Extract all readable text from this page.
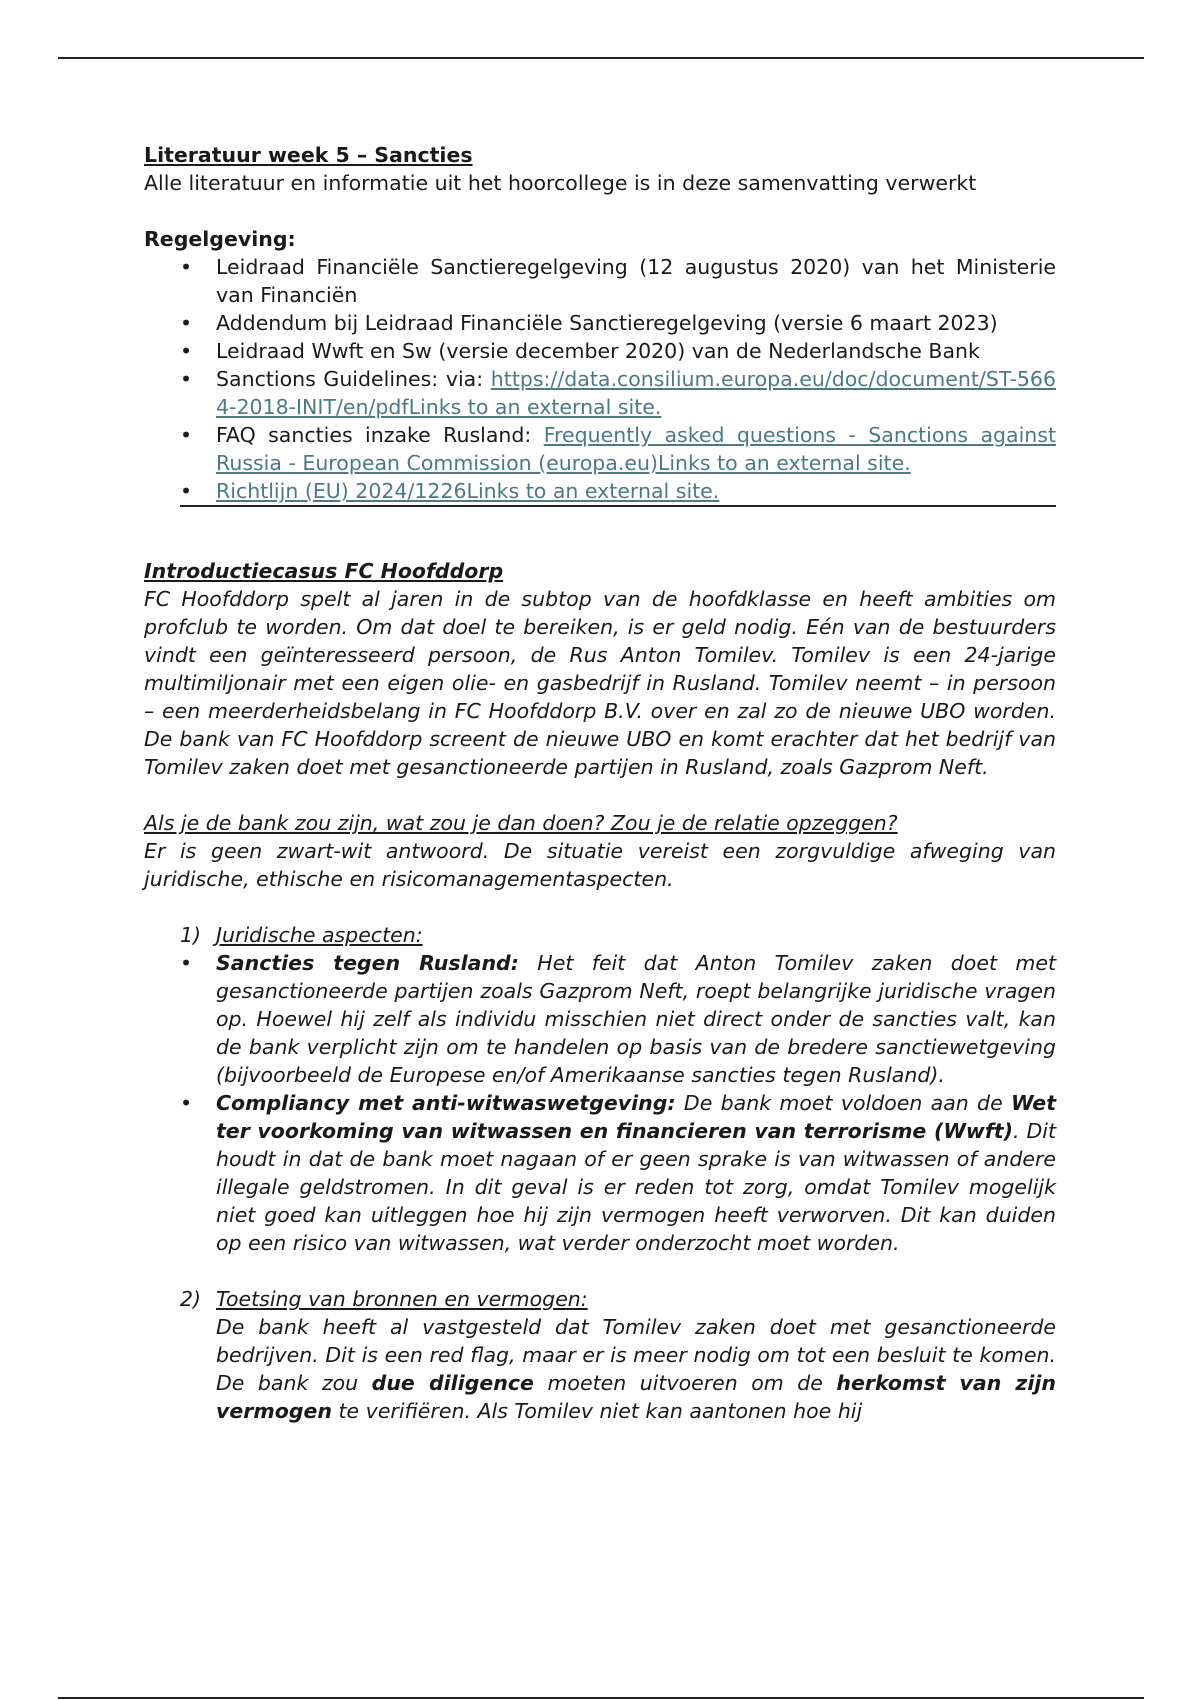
Literatuur week 5 – Sancties

Alle literatuur en informatie uit het hoorcollege is in deze samenvatting verwerkt

Regelgeving:

• Leidraad Financiële Sanctieregelgeving (12 augustus 2020) van het Ministerie van Financiën
• Addendum bij Leidraad Financiële Sanctieregelgeving (versie 6 maart 2023)
• Leidraad Wwft en Sw (versie december 2020) van de Nederlandsche Bank
• Sanctions Guidelines: via: https://data.consilium.europa.eu/doc/document/ST-5664-2018-INIT/en/pdfLinks to an external site.
• FAQ sancties inzake Rusland: Frequently asked questions - Sanctions against Russia - European Commission (europa.eu)Links to an external site.
• Richtlijn (EU) 2024/1226Links to an external site.

Introductiecasus FC Hoofddorp

FC Hoofddorp spelt al jaren in de subtop van de hoofdklasse en heeft ambities om profclub te worden. Om dat doel te bereiken, is er geld nodig. Eén van de bestuurders vindt een geïnteresseerd persoon, de Rus Anton Tomilev. Tomilev is een 24-jarige multimiljonair met een eigen olie- en gasbedrijf in Rusland. Tomilev neemt – in persoon – een meerderheidsbelang in FC Hoofddorp B.V. over en zal zo de nieuwe UBO worden. De bank van FC Hoofddorp screent de nieuwe UBO en komt erachter dat het bedrijf van Tomilev zaken doet met gesanctioneerde partijen in Rusland, zoals Gazprom Neft.

Als je de bank zou zijn, wat zou je dan doen? Zou je de relatie opzeggen?

Er is geen zwart-wit antwoord. De situatie vereist een zorgvuldige afweging van juridische, ethische en risicomanagementaspecten.

1) Juridische aspecten:
• Sancties tegen Rusland: Het feit dat Anton Tomilev zaken doet met gesanctioneerde partijen zoals Gazprom Neft, roept belangrijke juridische vragen op. Hoewel hij zelf als individu misschien niet direct onder de sancties valt, kan de bank verplicht zijn om te handelen op basis van de bredere sanctiewetgeving (bijvoorbeeld de Europese en/of Amerikaanse sancties tegen Rusland).
• Compliancy met anti-witwaswetgeving: De bank moet voldoen aan de Wet ter voorkoming van witwassen en financieren van terrorisme (Wwft). Dit houdt in dat de bank moet nagaan of er geen sprake is van witwassen of andere illegale geldstromen. In dit geval is er reden tot zorg, omdat Tomilev mogelijk niet goed kan uitleggen hoe hij zijn vermogen heeft verworven. Dit kan duiden op een risico van witwassen, wat verder onderzocht moet worden.
2) Toetsing van bronnen en vermogen:

De bank heeft al vastgesteld dat Tomilev zaken doet met gesanctioneerde bedrijven. Dit is een red flag, maar er is meer nodig om tot een besluit te komen. De bank zou due diligence moeten uitvoeren om de herkomst van zijn vermogen te verifiëren. Als Tomilev niet kan aantonen hoe hij
